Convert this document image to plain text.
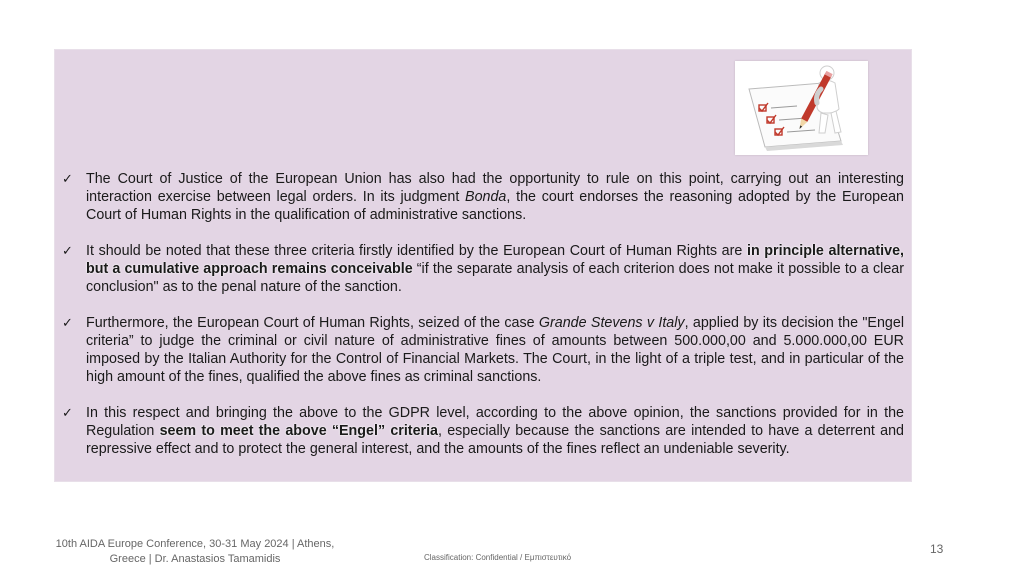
✓ The Court of Justice of the European Union has also had the opportunity to rule on this point, carrying out an interesting interaction exercise between legal orders. In its judgment Bonda, the court endorses the reasoning adopted by the European Court of Human Rights in the qualification of administrative sanctions.
✓ It should be noted that these three criteria firstly identified by the European Court of Human Rights are in principle alternative, but a cumulative approach remains conceivable “if the separate analysis of each criterion does not make it possible to a clear conclusion" as to the penal nature of the sanction.
✓ Furthermore, the European Court of Human Rights, seized of the case Grande Stevens v Italy, applied by its decision the "Engel criteria” to judge the criminal or civil nature of administrative fines of amounts between 500.000,00 and 5.000.000,00 EUR imposed by the Italian Authority for the Control of Financial Markets. The Court, in the light of a triple test, and in particular of the high amount of the fines, qualified the above fines as criminal sanctions.
✓ In this respect and bringing the above to the GDPR level, according to the above opinion, the sanctions provided for in the Regulation seem to meet the above “Engel” criteria, especially because the sanctions are intended to have a deterrent and repressive effect and to protect the general interest, and the amounts of the fines reflect an undeniable severity.
10th AIDA Europe Conference, 30-31 May 2024 | Athens, Greece | Dr. Anastasios Tamamidis	Classification: Confidential / Εμπιστευτικό
13
